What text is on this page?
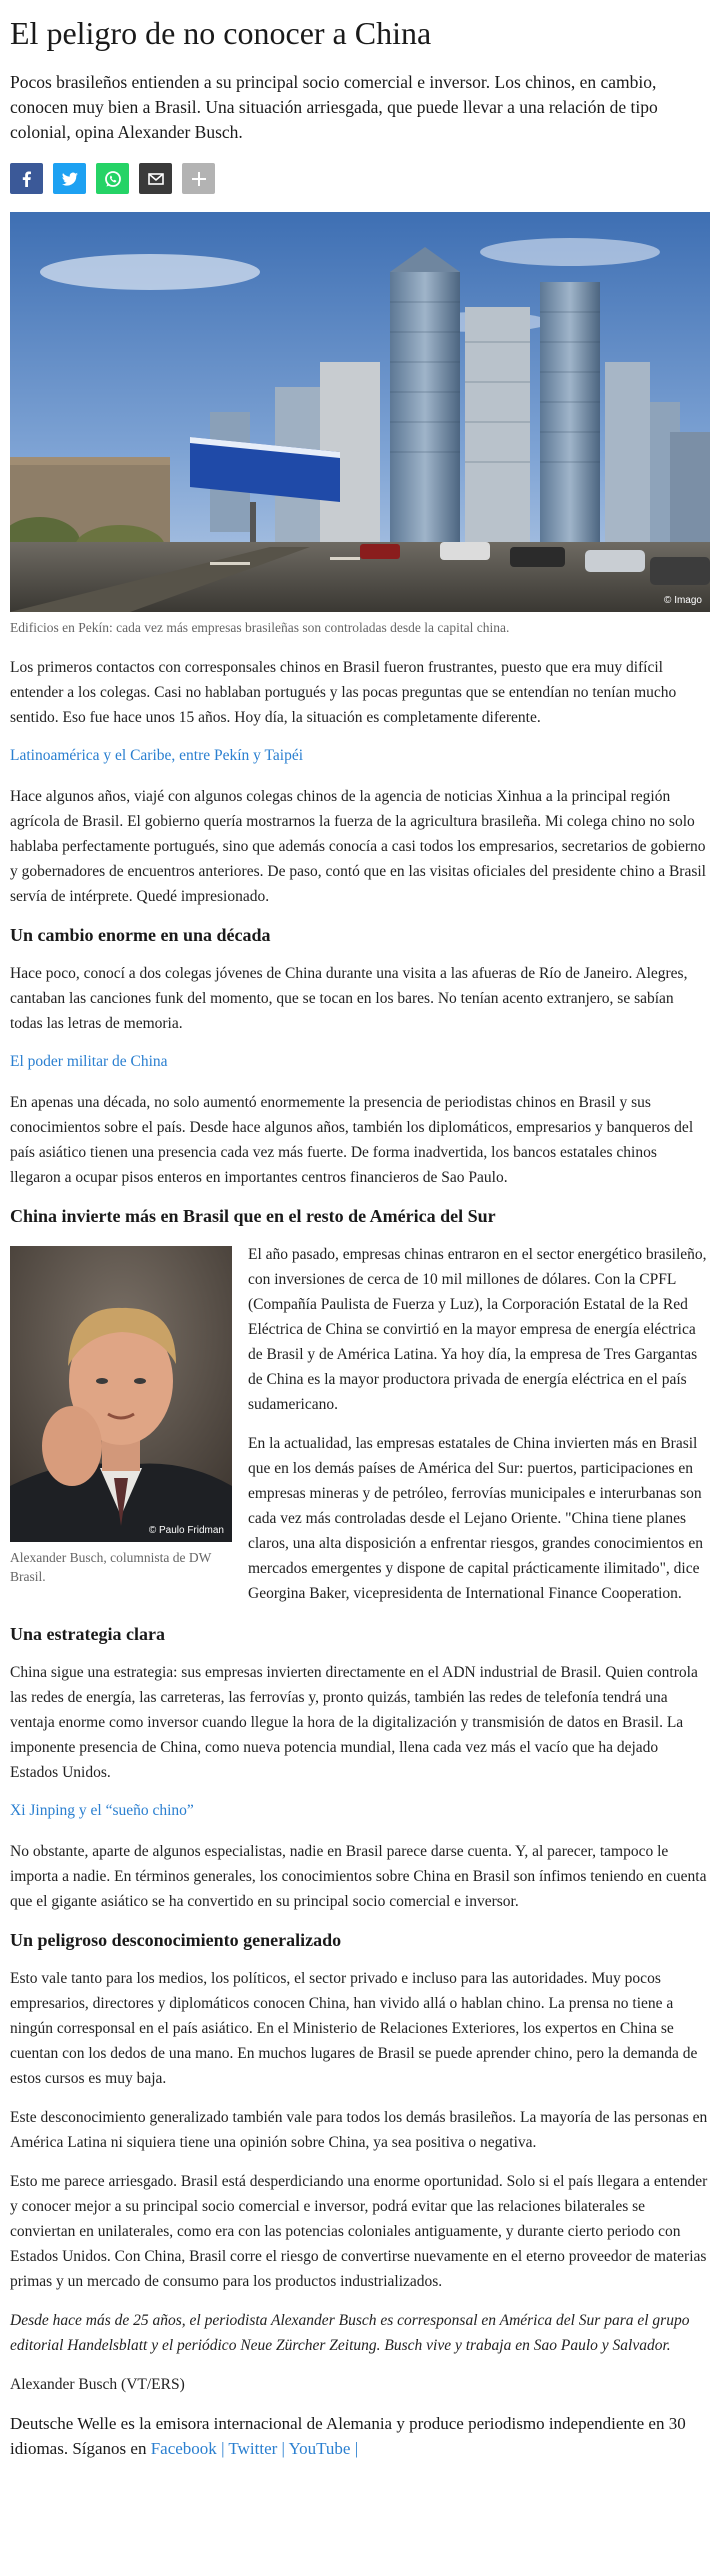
El peligro de no conocer a China

Pocos brasileños entienden a su principal socio comercial e inversor. Los chinos, en cambio, conocen muy bien a Brasil. Una situación arriesgada, que puede llevar a una relación de tipo colonial, opina Alexander Busch.

© Imago

Edificios en Pekín: cada vez más empresas brasileñas son controladas desde la capital china.

Los primeros contactos con corresponsales chinos en Brasil fueron frustrantes, puesto que era muy difícil entender a los colegas. Casi no hablaban portugués y las pocas preguntas que se entendían no tenían mucho sentido. Eso fue hace unos 15 años. Hoy día, la situación es completamente diferente.

Latinoamérica y el Caribe, entre Pekín y Taipéi

Hace algunos años, viajé con algunos colegas chinos de la agencia de noticias Xinhua a la principal región agrícola de Brasil. El gobierno quería mostrarnos la fuerza de la agricultura brasileña. Mi colega chino no solo hablaba perfectamente portugués, sino que además conocía a casi todos los empresarios, secretarios de gobierno y gobernadores de encuentros anteriores. De paso, contó que en las visitas oficiales del presidente chino a Brasil servía de intérprete. Quedé impresionado.

Un cambio enorme en una década

Hace poco, conocí a dos colegas jóvenes de China durante una visita a las afueras de Río de Janeiro. Alegres, cantaban las canciones funk del momento, que se tocan en los bares. No tenían acento extranjero, se sabían todas las letras de memoria.

El poder militar de China

En apenas una década, no solo aumentó enormemente la presencia de periodistas chinos en Brasil y sus conocimientos sobre el país. Desde hace algunos años, también los diplomáticos, empresarios y banqueros del país asiático tienen una presencia cada vez más fuerte. De forma inadvertida, los bancos estatales chinos llegaron a ocupar pisos enteros en importantes centros financieros de Sao Paulo.

China invierte más en Brasil que en el resto de América del Sur
© Paulo Fridman

Alexander Busch, columnista de DW Brasil.

El año pasado, empresas chinas entraron en el sector energético brasileño, con inversiones de cerca de 10 mil millones de dólares. Con la CPFL (Compañía Paulista de Fuerza y Luz), la Corporación Estatal de la Red Eléctrica de China se convirtió en la mayor empresa de energía eléctrica de Brasil y de América Latina. Ya hoy día, la empresa de Tres Gargantas de China es la mayor productora privada de energía eléctrica en el país sudamericano.

En la actualidad, las empresas estatales de China invierten más en Brasil que en los demás países de América del Sur: puertos, participaciones en empresas mineras y de petróleo, ferrovías municipales e interurbanas son cada vez más controladas desde el Lejano Oriente. "China tiene planes claros, una alta disposición a enfrentar riesgos, grandes conocimientos en mercados emergentes y dispone de capital prácticamente ilimitado", dice Georgina Baker, vicepresidenta de International Finance Cooperation.

Una estrategia clara

China sigue una estrategia: sus empresas invierten directamente en el ADN industrial de Brasil. Quien controla las redes de energía, las carreteras, las ferrovías y, pronto quizás, también las redes de telefonía tendrá una ventaja enorme como inversor cuando llegue la hora de la digitalización y transmisión de datos en Brasil. La imponente presencia de China, como nueva potencia mundial, llena cada vez más el vacío que ha dejado Estados Unidos.

Xi Jinping y el “sueño chino”

No obstante, aparte de algunos especialistas, nadie en Brasil parece darse cuenta. Y, al parecer, tampoco le importa a nadie. En términos generales, los conocimientos sobre China en Brasil son ínfimos teniendo en cuenta que el gigante asiático se ha convertido en su principal socio comercial e inversor.

Un peligroso desconocimiento generalizado

Esto vale tanto para los medios, los políticos, el sector privado e incluso para las autoridades. Muy pocos empresarios, directores y diplomáticos conocen China, han vivido allá o hablan chino. La prensa no tiene a ningún corresponsal en el país asiático. En el Ministerio de Relaciones Exteriores, los expertos en China se cuentan con los dedos de una mano. En muchos lugares de Brasil se puede aprender chino, pero la demanda de estos cursos es muy baja.

Este desconocimiento generalizado también vale para todos los demás brasileños. La mayoría de las personas en América Latina ni siquiera tiene una opinión sobre China, ya sea positiva o negativa.

Esto me parece arriesgado. Brasil está desperdiciando una enorme oportunidad. Solo si el país llegara a entender y conocer mejor a su principal socio comercial e inversor, podrá evitar que las relaciones bilaterales se conviertan en unilaterales, como era con las potencias coloniales antiguamente, y durante cierto periodo con Estados Unidos. Con China, Brasil corre el riesgo de convertirse nuevamente en el eterno proveedor de materias primas y un mercado de consumo para los productos industrializados.

Desde hace más de 25 años, el periodista Alexander Busch es corresponsal en América del Sur para el grupo editorial Handelsblatt y el periódico Neue Zürcher Zeitung. Busch vive y trabaja en Sao Paulo y Salvador.

Alexander Busch (VT/ERS)

Deutsche Welle es la emisora internacional de Alemania y produce periodismo independiente en 30 idiomas. Síganos en Facebook | Twitter | YouTube |
